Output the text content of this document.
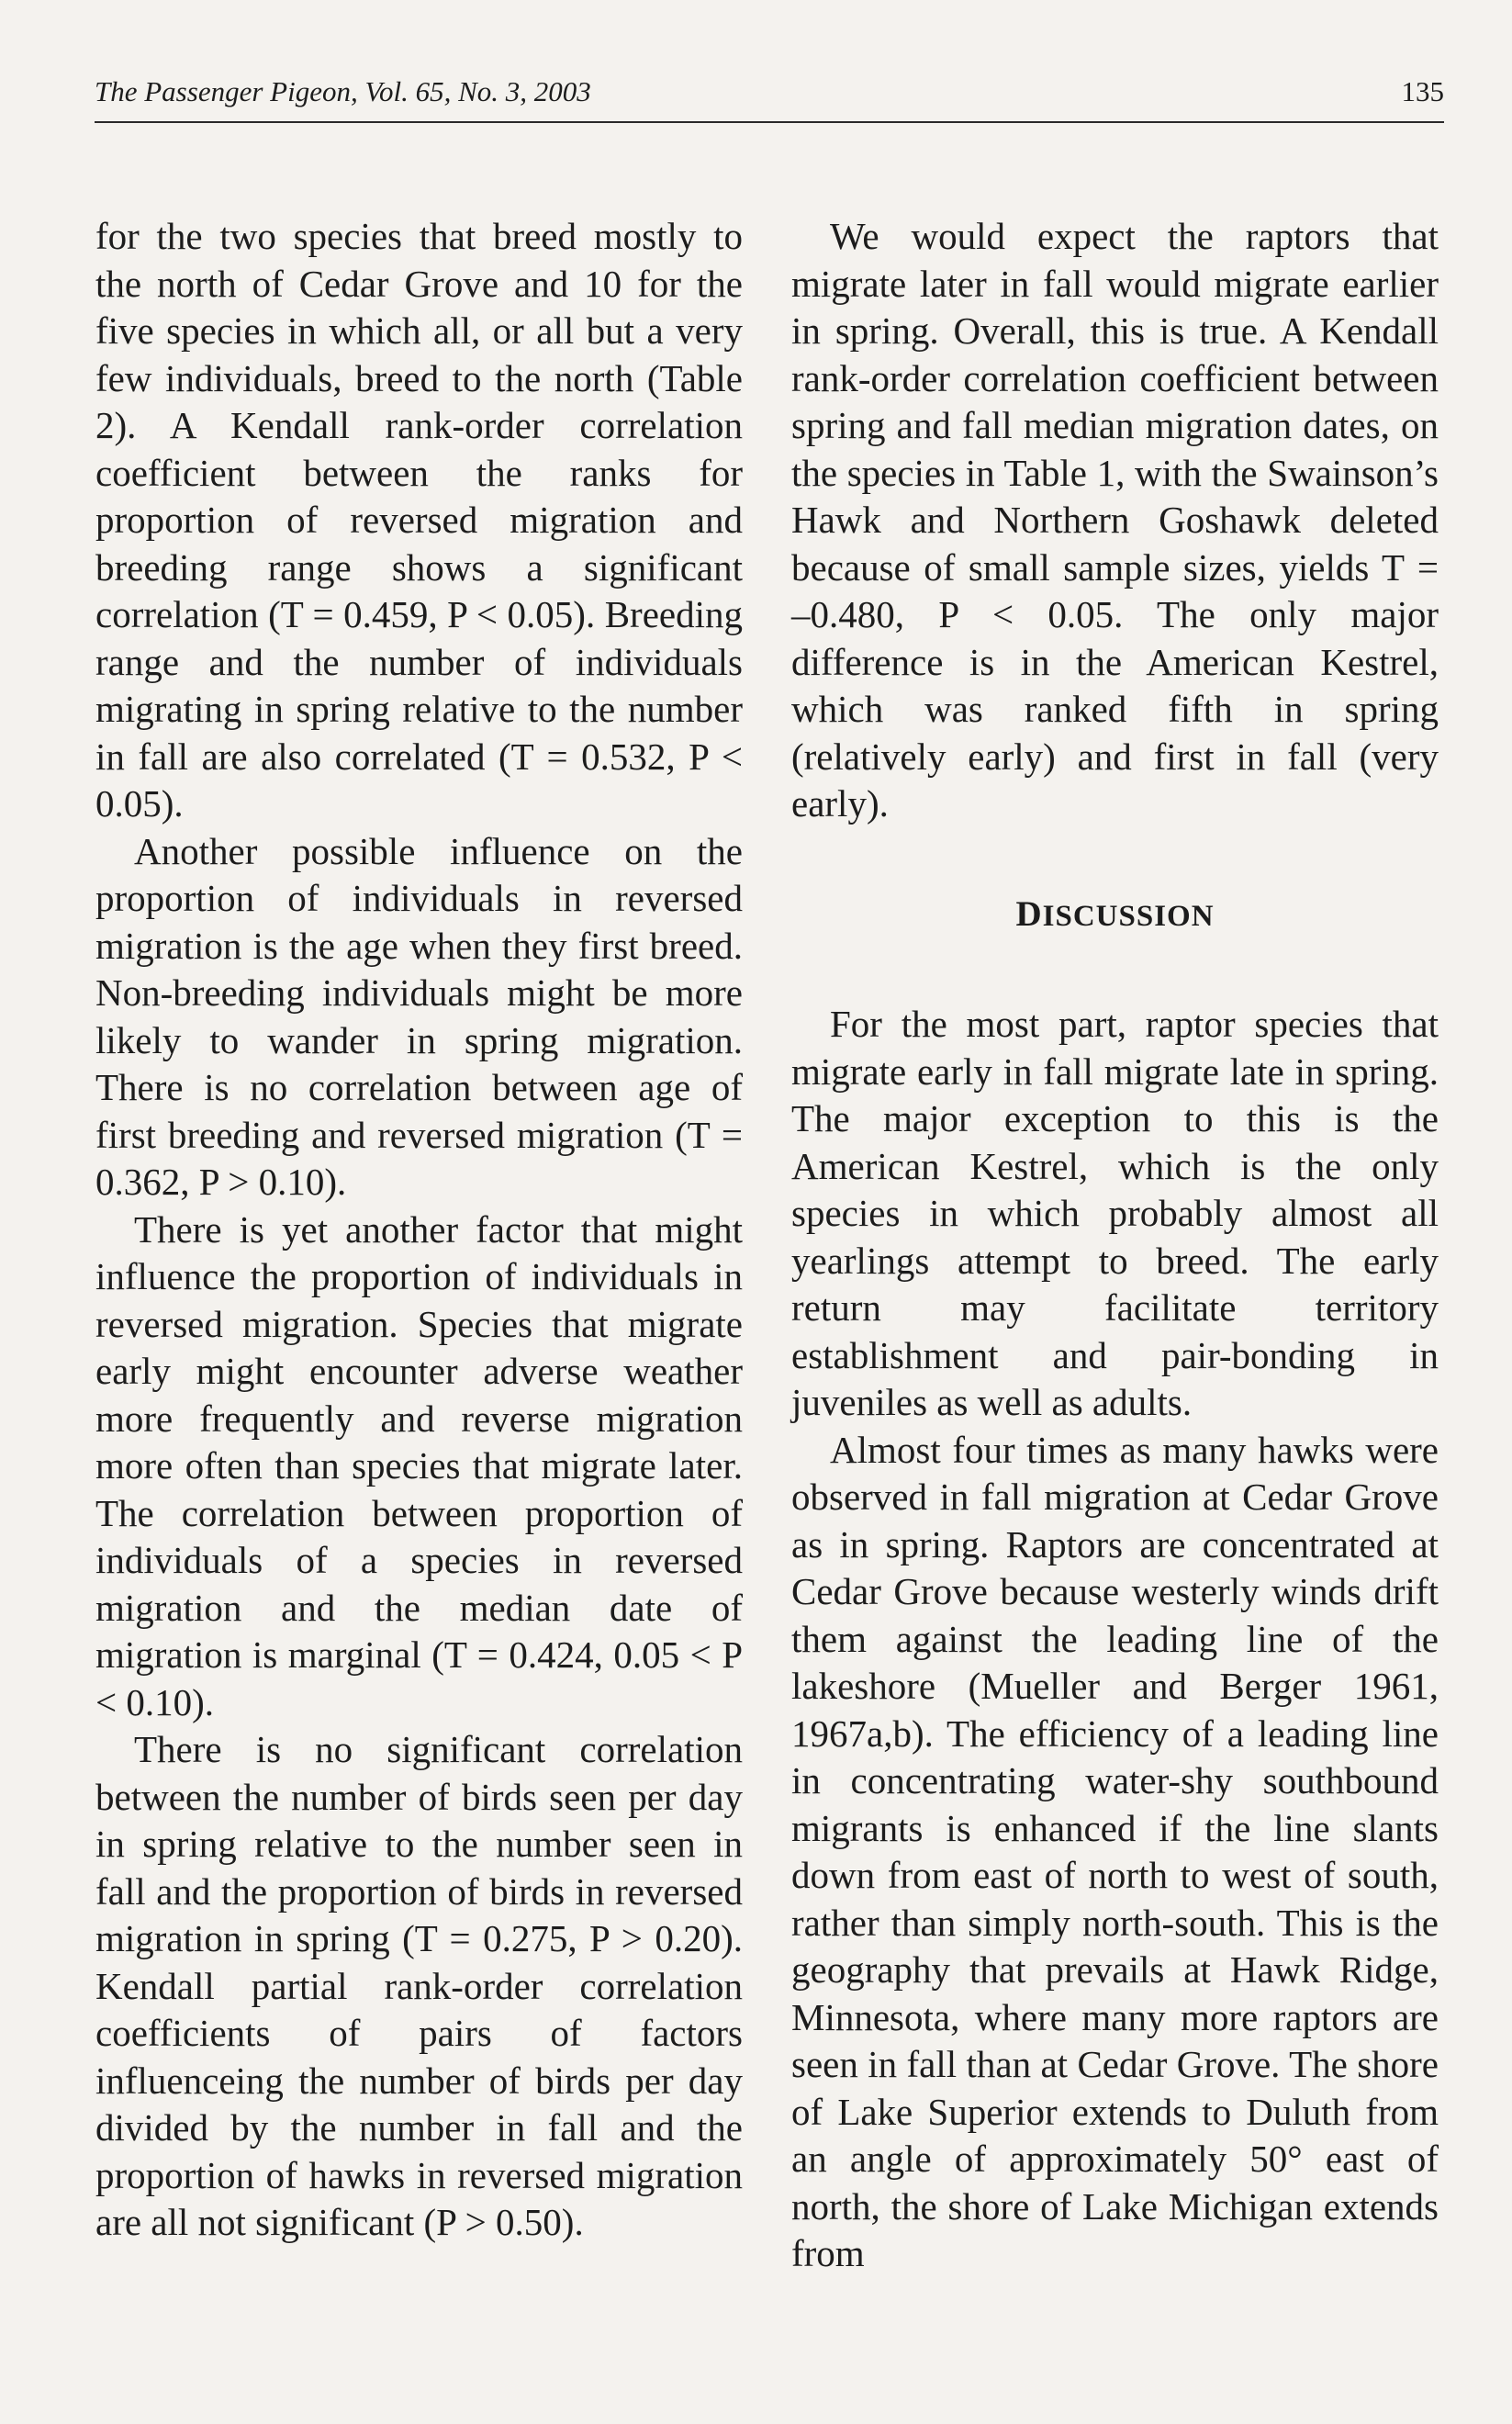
The Passenger Pigeon, Vol. 65, No. 3, 2003	135

for the two species that breed mostly to the north of Cedar Grove and 10 for the five species in which all, or all but a very few individuals, breed to the north (Table 2). A Kendall rank-order correlation coefficient between the ranks for proportion of reversed migration and breeding range shows a significant correlation (T = 0.459, P < 0.05). Breeding range and the number of individuals migrating in spring relative to the number in fall are also correlated (T = 0.532, P < 0.05).

Another possible influence on the proportion of individuals in reversed migration is the age when they first breed. Non-breeding individuals might be more likely to wander in spring migration. There is no correlation between age of first breeding and reversed migration (T = 0.362, P > 0.10).

There is yet another factor that might influence the proportion of individuals in reversed migration. Species that migrate early might encounter adverse weather more frequently and reverse migration more often than species that migrate later. The correlation between proportion of individuals of a species in reversed migration and the median date of migration is marginal (T = 0.424, 0.05 < P < 0.10).

There is no significant correlation between the number of birds seen per day in spring relative to the number seen in fall and the proportion of birds in reversed migration in spring (T = 0.275, P > 0.20). Kendall partial rank-order correlation coefficients of pairs of factors influenceing the number of birds per day divided by the number in fall and the proportion of hawks in reversed migration are all not significant (P > 0.50).

We would expect the raptors that migrate later in fall would migrate earlier in spring. Overall, this is true. A Kendall rank-order correlation coefficient between spring and fall median migration dates, on the species in Table 1, with the Swainson’s Hawk and Northern Goshawk deleted because of small sample sizes, yields T = –0.480, P < 0.05. The only major difference is in the American Kestrel, which was ranked fifth in spring (relatively early) and first in fall (very early).

DISCUSSION

For the most part, raptor species that migrate early in fall migrate late in spring. The major exception to this is the American Kestrel, which is the only species in which probably almost all yearlings attempt to breed. The early return may facilitate territory establishment and pair-bonding in juveniles as well as adults.

Almost four times as many hawks were observed in fall migration at Cedar Grove as in spring. Raptors are concentrated at Cedar Grove because westerly winds drift them against the leading line of the lakeshore (Mueller and Berger 1961, 1967a,b). The efficiency of a leading line in concentrating water-shy southbound migrants is enhanced if the line slants down from east of north to west of south, rather than simply north-south. This is the geography that prevails at Hawk Ridge, Minnesota, where many more raptors are seen in fall than at Cedar Grove. The shore of Lake Superior extends to Duluth from an angle of approximately 50° east of north, the shore of Lake Michigan extends from
